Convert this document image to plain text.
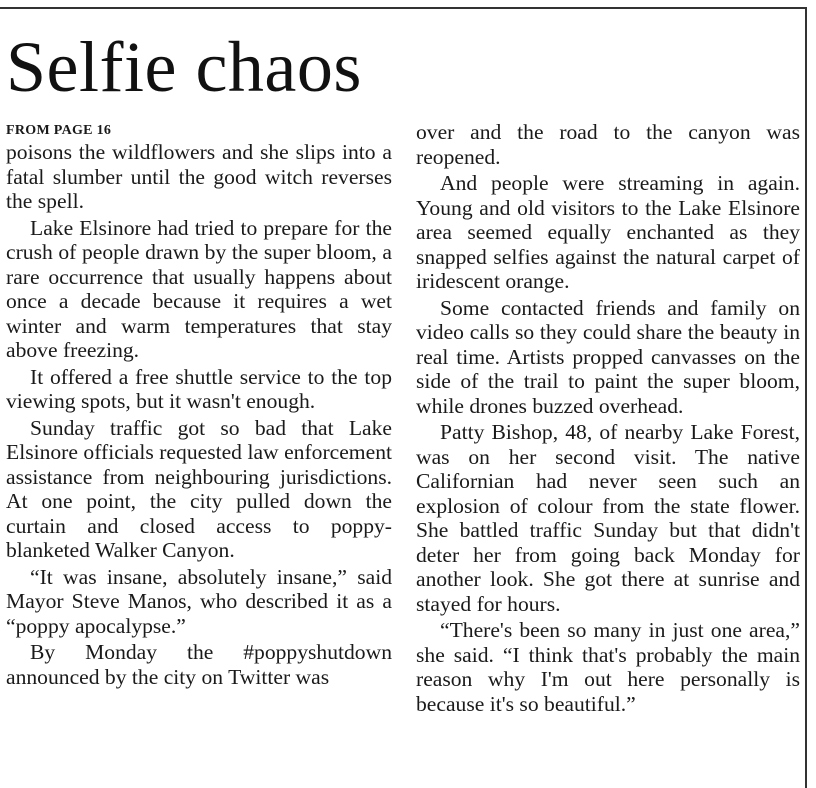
Selfie chaos
FROM PAGE 16

poisons the wildflowers and she slips into a fatal slumber until the good witch reverses the spell.

Lake Elsinore had tried to prepare for the crush of people drawn by the super bloom, a rare occurrence that usually happens about once a decade because it requires a wet winter and warm temperatures that stay above freezing.

It offered a free shuttle service to the top viewing spots, but it wasn't enough.

Sunday traffic got so bad that Lake Elsinore officials requested law enforcement assistance from neighbouring jurisdictions. At one point, the city pulled down the curtain and closed access to poppy-blanketed Walker Canyon.

“It was insane, absolutely insane,” said Mayor Steve Manos, who described it as a “poppy apocalypse.”

By Monday the #poppyshutdown announced by the city on Twitter was

over and the road to the canyon was reopened.

And people were streaming in again. Young and old visitors to the Lake Elsinore area seemed equally enchanted as they snapped selfies against the natural carpet of iridescent orange.

Some contacted friends and family on video calls so they could share the beauty in real time. Artists propped canvasses on the side of the trail to paint the super bloom, while drones buzzed overhead.

Patty Bishop, 48, of nearby Lake Forest, was on her second visit. The native Californian had never seen such an explosion of colour from the state flower. She battled traffic Sunday but that didn't deter her from going back Monday for another look. She got there at sunrise and stayed for hours.

“There's been so many in just one area,” she said. “I think that's probably the main reason why I'm out here personally is because it's so beautiful.”
